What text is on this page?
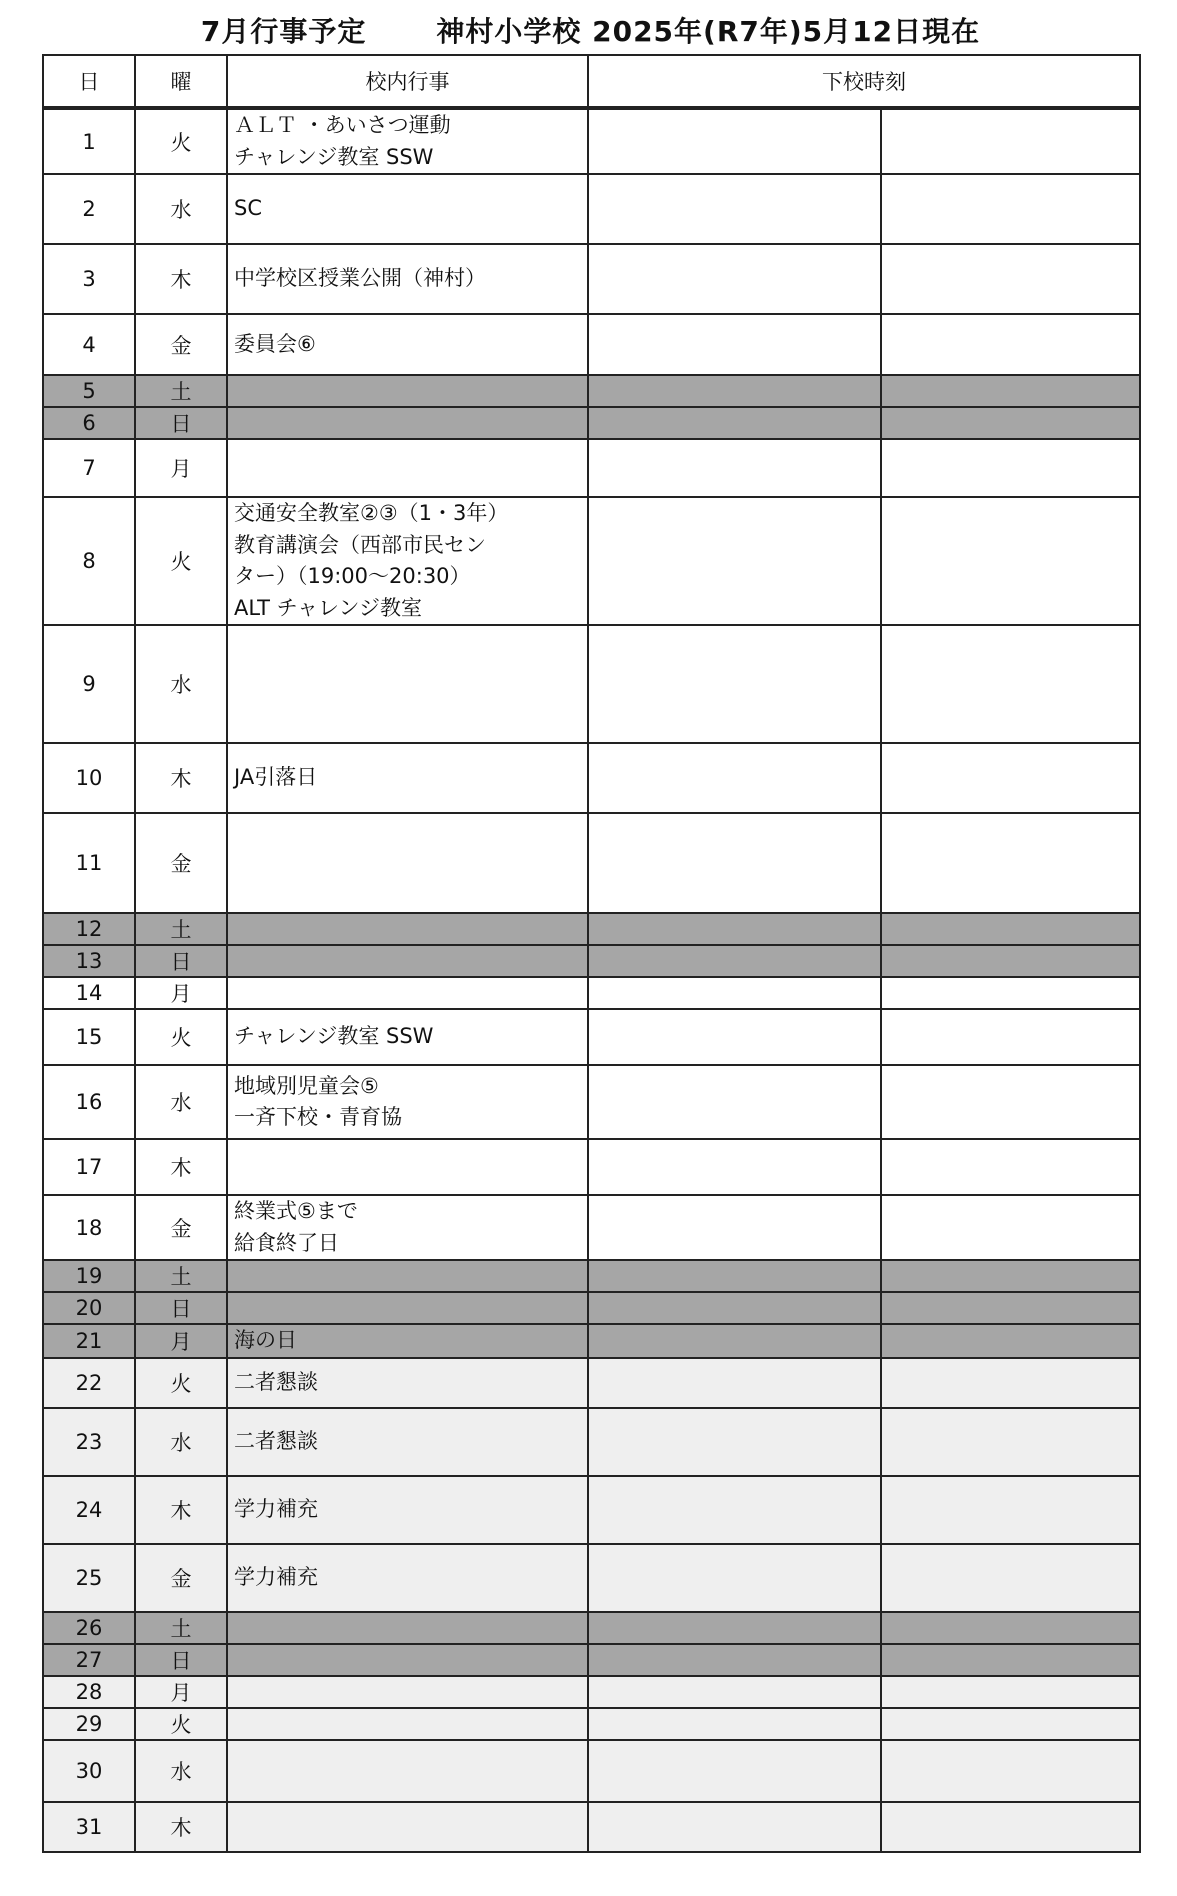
7月行事予定	神村小学校 2025年(R7年)5月12日現在
日	曜	校内行事	下校時刻	
1	火	ＡＬＴ ・あいさつ運動
チャレンジ教室 SSW		
2	水	SC		
3	木	中学校区授業公開（神村）		
4	金	委員会⑥		
5	土			
6	日			
7	月			
8	火	交通安全教室②③（1・3年）
教育講演会（西部市民セン
ター）（19:00～20:30）
ALT チャレンジ教室		
9	水			
10	木	JA引落日		
11	金			
12	土			
13	日			
14	月			
15	火	チャレンジ教室 SSW		
16	水	地域別児童会⑤
一斉下校・青育協		
17	木			
18	金	終業式⑤まで
給食終了日		
19	土			
20	日			
21	月	海の日		
22	火	二者懇談		
23	水	二者懇談		
24	木	学力補充		
25	金	学力補充		
26	土			
27	日			
28	月			
29	火			
30	水			
31	木			
